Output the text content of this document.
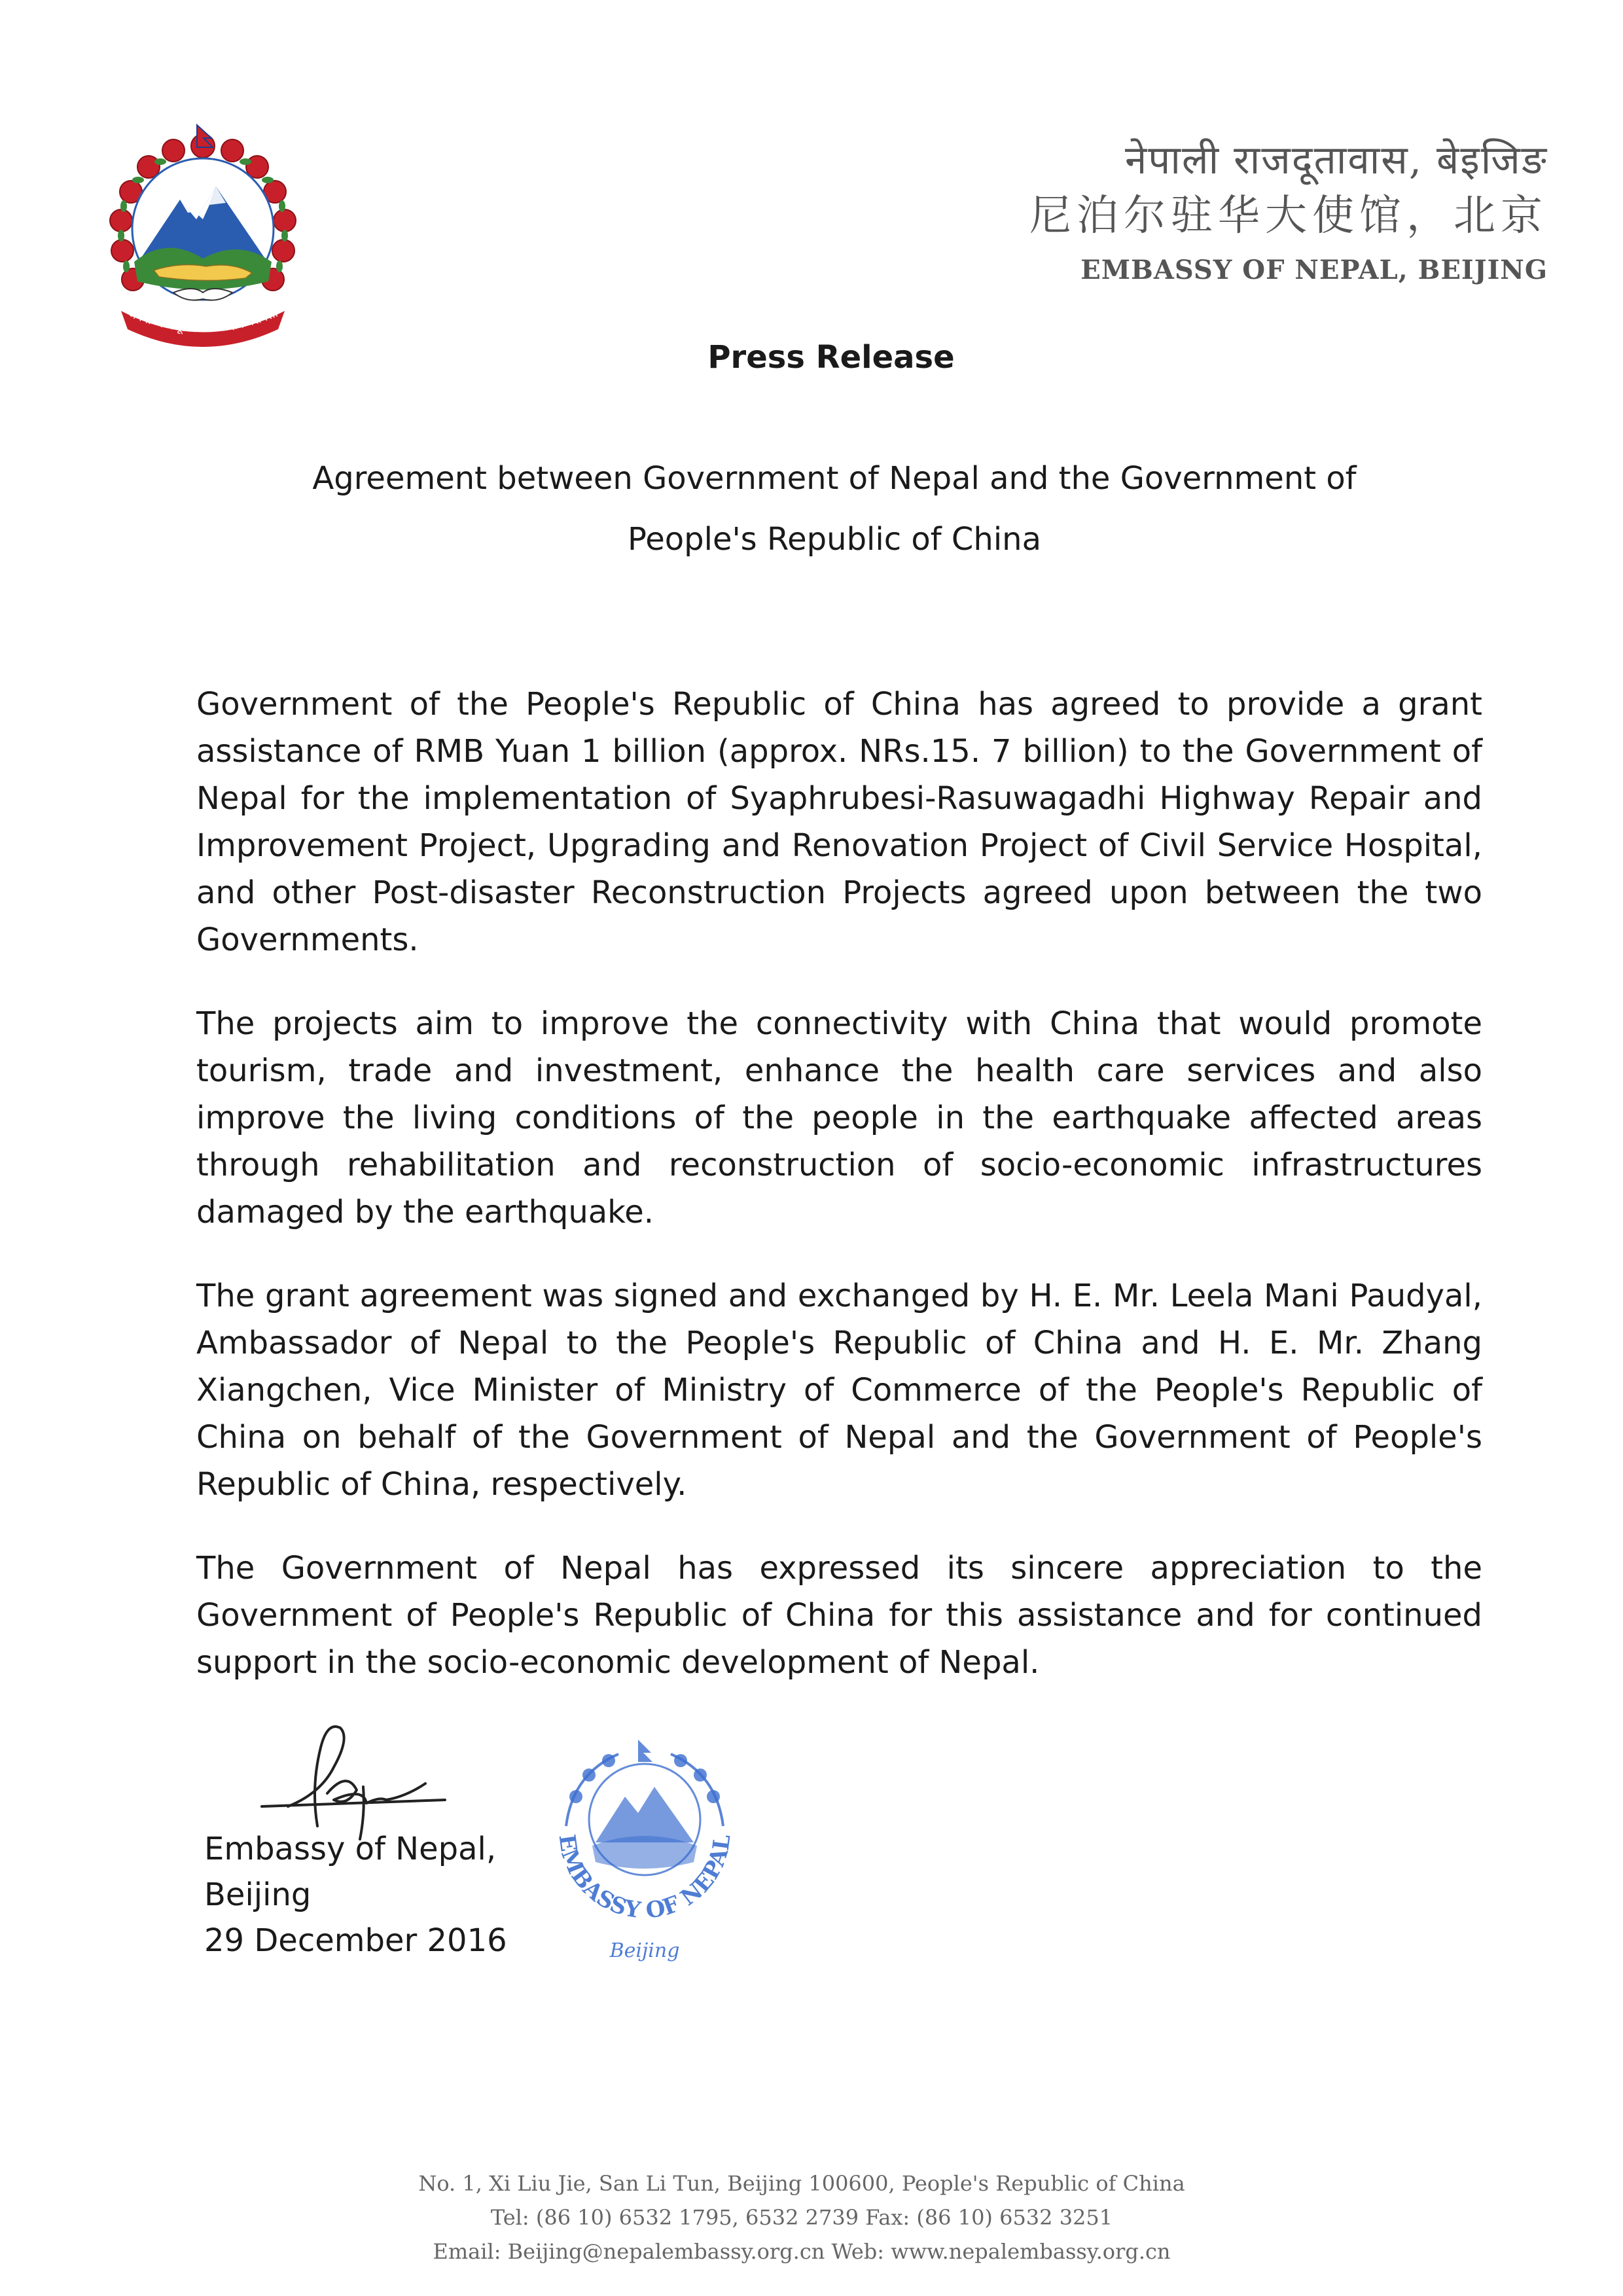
जननी जन्मभूमिश्च स्वर्गादपि गरीयसी
नेपाली राजदूतावास, बेइजिङ
尼泊尔驻华大使馆，北京
EMBASSY OF NEPAL, BEIJING
Press Release
Agreement between Government of Nepal and the Government of
People's Republic of China

Government of the People's Republic of China has agreed to provide a grant assistance of RMB Yuan 1 billion (approx. NRs.15. 7 billion) to the Government of Nepal for the implementation of Syaphrubesi-Rasuwagadhi Highway Repair and Improvement Project, Upgrading and Renovation Project of Civil Service Hospital, and other Post-disaster Reconstruction Projects agreed upon between the two Governments.

The projects aim to improve the connectivity with China that would promote tourism, trade and investment, enhance the health care services and also improve the living conditions of the people in the earthquake affected areas through rehabilitation and reconstruction of socio-economic infrastructures damaged by the earthquake.

The grant agreement was signed and exchanged by H. E. Mr. Leela Mani Paudyal, Ambassador of Nepal to the People's Republic of China and H. E. Mr. Zhang Xiangchen, Vice Minister of Ministry of Commerce of the People's Republic of China on behalf of the Government of Nepal and the Government of People's Republic of China, respectively.

The Government of Nepal has expressed its sincere appreciation to the Government of People's Republic of China for this assistance and for continued support in the socio-economic development of Nepal.

Embassy of Nepal,
Beijing
29 December 2016
EMBASSY OF NEPAL
Beijing
No. 1, Xi Liu Jie, San Li Tun, Beijing 100600, People's Republic of China
Tel: (86 10) 6532 1795, 6532 2739 Fax: (86 10) 6532 3251
Email: Beijing@nepalembassy.org.cn Web: www.nepalembassy.org.cn
